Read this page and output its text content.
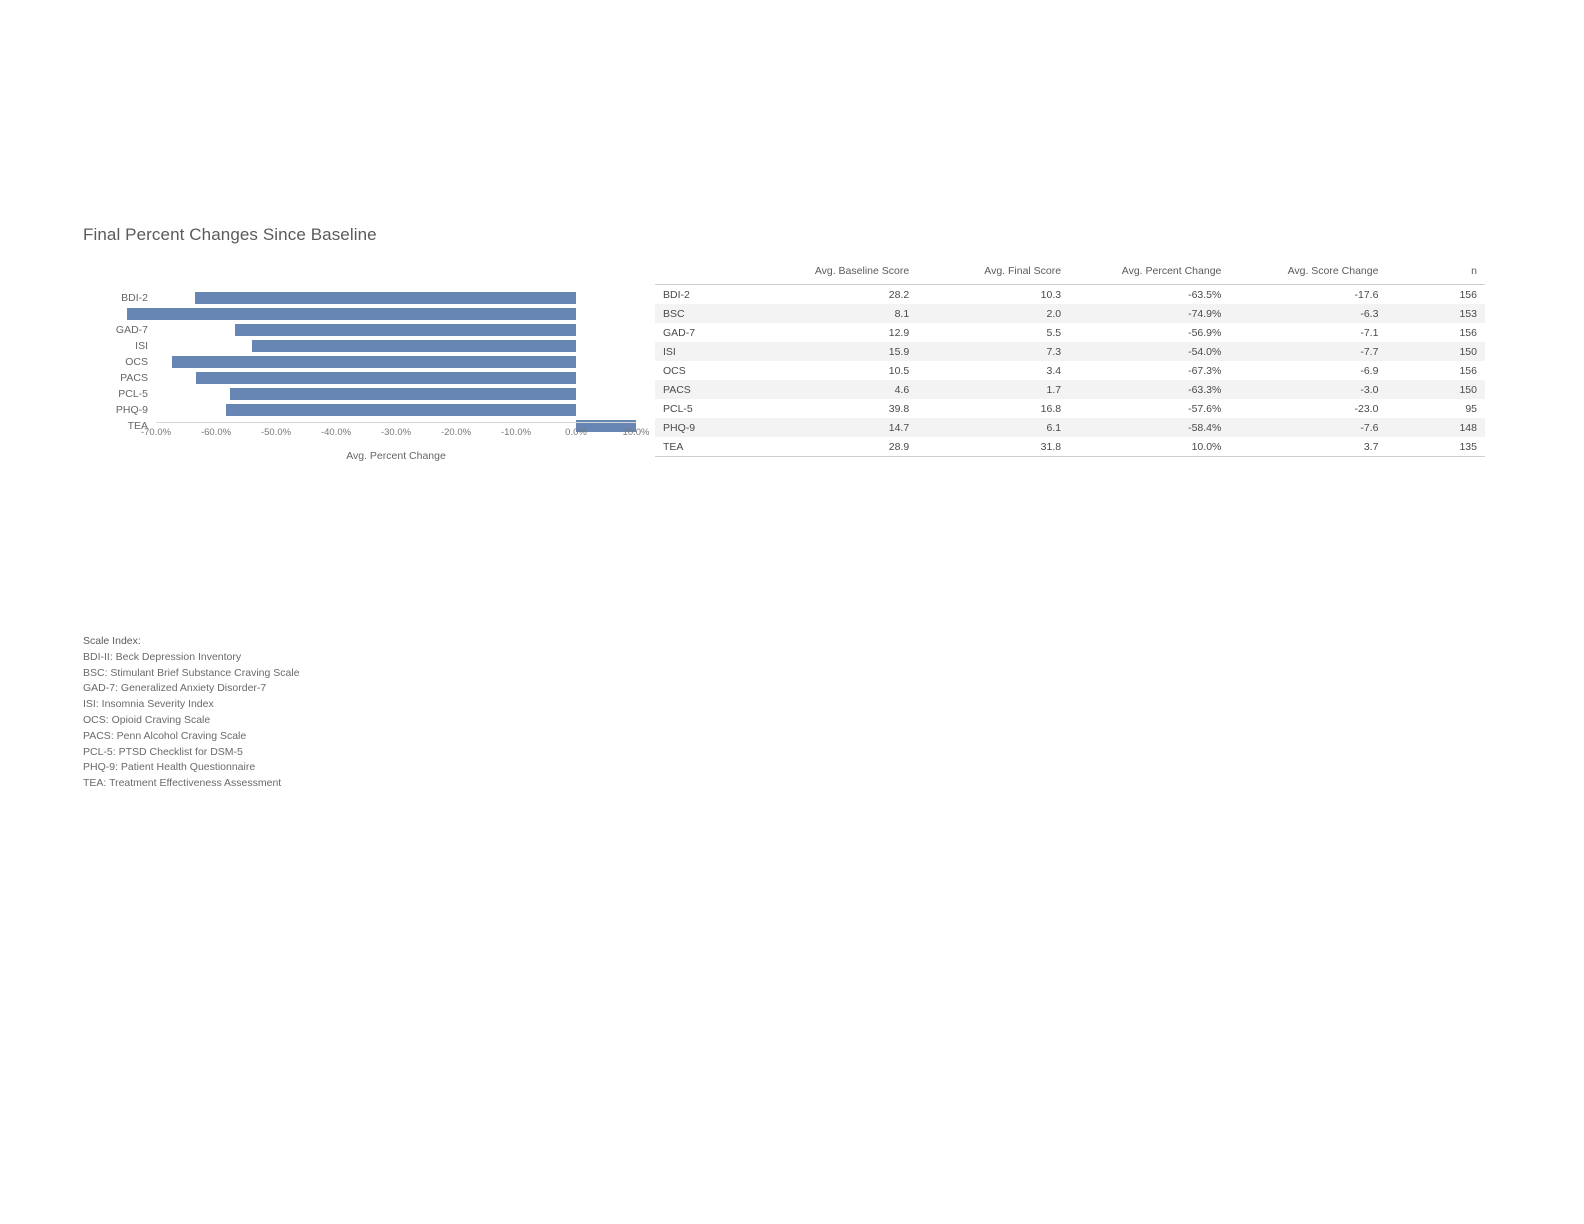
Final Percent Changes Since Baseline
BDI-2
GAD-7
ISI
OCS
PACS
PCL-5
PHQ-9
TEA
-70.0%	-60.0%	-50.0%	-40.0%	-30.0%	-20.0%	-10.0%	0.0%	10.0%
Avg. Percent Change
	Avg. Baseline Score	Avg. Final Score	Avg. Percent Change	Avg. Score Change	n
BDI-2	28.2	10.3	-63.5%	-17.6	156
BSC	8.1	2.0	-74.9%	-6.3	153
GAD-7	12.9	5.5	-56.9%	-7.1	156
ISI	15.9	7.3	-54.0%	-7.7	150
OCS	10.5	3.4	-67.3%	-6.9	156
PACS	4.6	1.7	-63.3%	-3.0	150
PCL-5	39.8	16.8	-57.6%	-23.0	95
PHQ-9	14.7	6.1	-58.4%	-7.6	148
TEA	28.9	31.8	10.0%	3.7	135
Scale Index:
BDI-II: Beck Depression Inventory
BSC: Stimulant Brief Substance Craving Scale
GAD-7: Generalized Anxiety Disorder-7
ISI: Insomnia Severity Index
OCS: Opioid Craving Scale
PACS: Penn Alcohol Craving Scale
PCL-5: PTSD Checklist for DSM-5
PHQ-9: Patient Health Questionnaire
TEA: Treatment Effectiveness Assessment
